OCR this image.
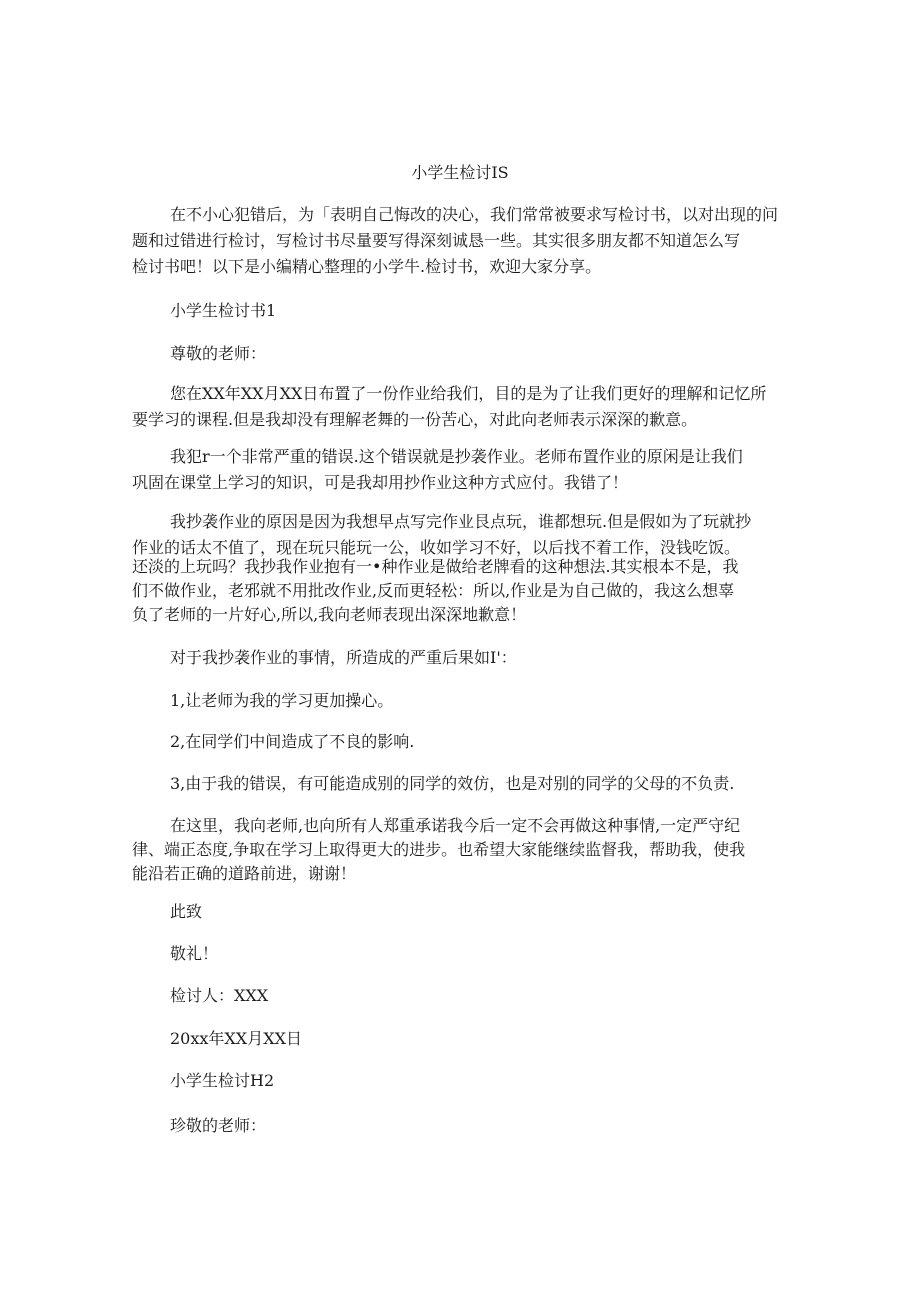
小学生检讨IS
在不小心犯错后，为「表明自己悔改的决心，我们常常被要求写检讨书，以对出现的问
题和过错进行检讨，写检讨书尽量要写得深刻诚恳一些。其实很多朋友都不知道怎么写
检讨书吧！以下是小编精心整理的小学牛.检讨书，欢迎大家分享。
小学生检讨书1
尊敬的老师：
您在XX年XX月XX日布置了一份作业给我们，目的是为了让我们更好的理解和记忆所
要学习的课程.但是我却没有理解老舞的一份苦心，对此向老师表示深深的歉意。
我犯r一个非常严重的错误.这个错误就是抄袭作业。老师布置作业的原闲是让我们
巩固在课堂上学习的知识，可是我却用抄作业这种方式应付。我错了！
我抄袭作业的原因是因为我想早点写完作业艮点玩，谁都想玩.但是假如为了玩就抄
作业的话太不值了，现在玩只能玩一公，收如学习不好，以后找不着工作，没钱吃饭。
还淡的上玩吗？我抄我作业抱有一•种作业是做给老牌看的这种想法.其实根本不是，我
们不做作业，老邪就不用批改作业,反而更轻松：所以,作业是为自己做的，我这么想辜
负了老师的一片好心,所以,我向老师表现出深深地歉意！
对于我抄袭作业的事情，所造成的严重后果如I'：
1,让老师为我的学习更加操心。
2,在同学们中间造成了不良的影响.
3,由于我的错误，有可能造成别的同学的效仿，也是对别的同学的父母的不负责.
在这里，我向老师,也向所有人郑重承诺我今后一定不会再做这种事情,一定严守纪
律、端正态度,争取在学习上取得更大的进步。也希望大家能继续监督我，帮助我，使我
能沿若正确的道路前进，谢谢！
此致
敬礼！
检讨人：XXX
20xx年XX月XX日
小学生检讨H2
珍敬的老师：
